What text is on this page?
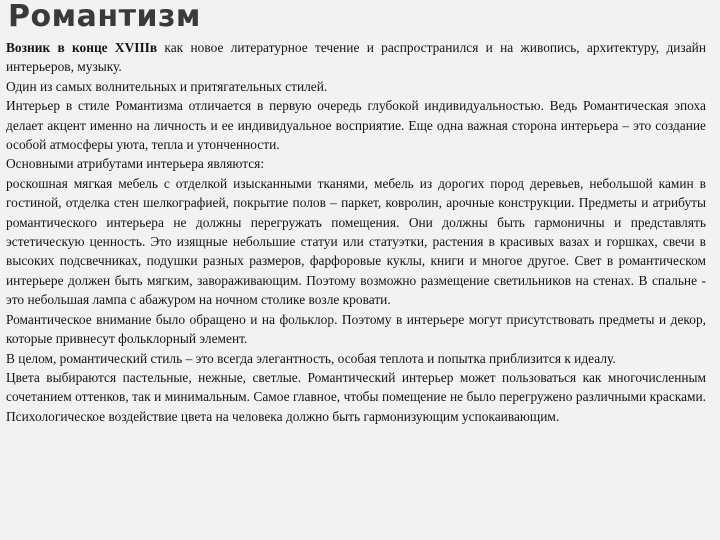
Романтизм

Возник в конце XVIIIв как новое литературное течение и распространился и на живопись, архитектуру, дизайн интерьеров, музыку.

Один из самых волнительных и притягательных стилей.

Интерьер в стиле Романтизма отличается в первую очередь глубокой индивидуальностью. Ведь Романтическая эпоха делает акцент именно на личность и ее индивидуальное восприятие. Еще одна важная сторона интерьера – это создание особой атмосферы уюта, тепла и утонченности.

Основными атрибутами интерьера являются:

роскошная мягкая мебель с отделкой изысканными тканями, мебель из дорогих пород деревьев, небольшой камин в гостиной, отделка стен шелкографией, покрытие полов – паркет, ковролин, арочные конструкции. Предметы и атрибуты романтического интерьера не должны перегружать помещения. Они должны быть гармоничны и представлять эстетическую ценность. Это изящные небольшие статуи или статуэтки, растения в красивых вазах и горшках, свечи в высоких подсвечниках, подушки разных размеров, фарфоровые куклы, книги и многое другое. Свет в романтическом интерьере должен быть мягким, завораживающим. Поэтому возможно размещение светильников на стенах. В спальне - это небольшая лампа с абажуром на ночном столике возле кровати.

Романтическое внимание было обращено и на фольклор. Поэтому в интерьере могут присутствовать предметы и декор, которые привнесут фольклорный элемент.

В целом, романтический стиль – это всегда элегантность, особая теплота и попытка приблизится к идеалу.

Цвета выбираются пастельные, нежные, светлые. Романтический интерьер может пользоваться как многочисленным сочетанием оттенков, так и минимальным. Самое главное, чтобы помещение не было перегружено различными красками. Психологическое воздействие цвета на человека должно быть гармонизующим успокаивающим.
